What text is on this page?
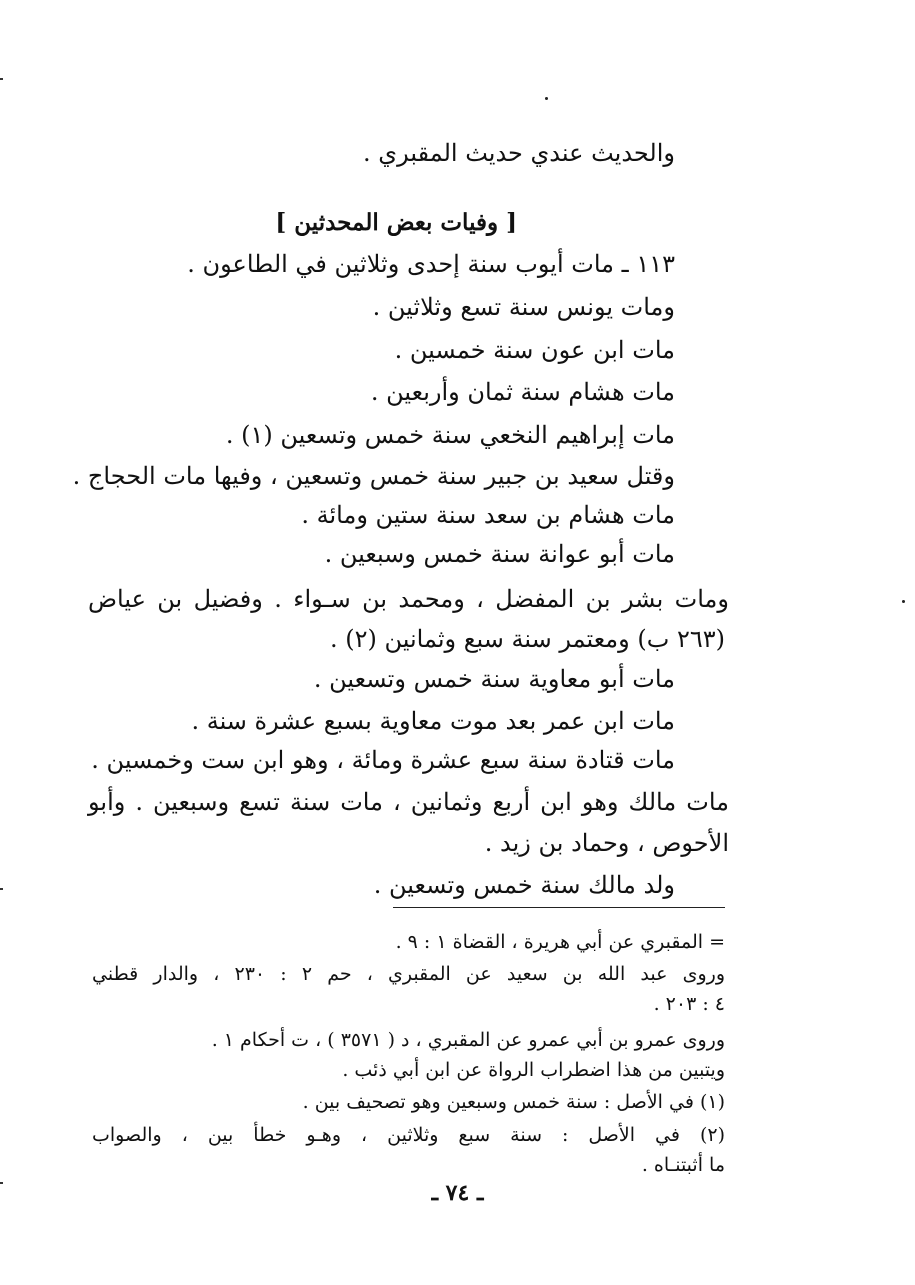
والحديث عندي حديث المقبري .
[ وفيات بعض المحدثين ]
١١٣ ـ مات أيوب سنة إحدى وثلاثين في الطاعون .
ومات يونس سنة تسع وثلاثين .
مات ابن عون سنة خمسين .
مات هشام سنة ثمان وأربعين .
مات إبراهيم النخعي سنة خمس وتسعين (١) .
وقتل سعيد بن جبير سنة خمس وتسعين ، وفيها مات الحجاج .
مات هشام بن سعد سنة ستين ومائة .
مات أبو عوانة سنة خمس وسبعين .
ومات بشر بن المفضل ، ومحمد بن سـواء . وفضيل بن عياض
(٢٦٣ ب) ومعتمر سنة سبع وثمانين (٢) .
مات أبو معاوية سنة خمس وتسعين .
مات ابن عمر بعد موت معاوية بسبع عشرة سنة .
مات قتادة سنة سبع عشرة ومائة ، وهو ابن ست وخمسين .
مات مالك وهو ابن أربع وثمانين ، مات سنة تسع وسبعين . وأبو
الأحوص ، وحماد بن زيد .
ولد مالك سنة خمس وتسعين .
= المقبري عن أبي هريرة ، القضاة ١ : ٩ .
وروى عبد الله بن سعيد عن المقبري ، حم ٢ : ٢٣٠ ، والدار قطني
٤ : ٢٠٣ .
وروى عمرو بن أبي عمرو عن المقبري ، د ( ٣٥٧١ ) ، ت أحكام ١ .
ويتبين من هذا اضطراب الرواة عن ابن أبي ذئب .
(١) في الأصل : سنة خمس وسبعين وهو تصحيف بين .
(٢) في الأصل : سنة سبع وثلاثين ، وهـو خطأ بين ، والصواب
ما أثبتنـاه .
ـ ٧٤ ـ
